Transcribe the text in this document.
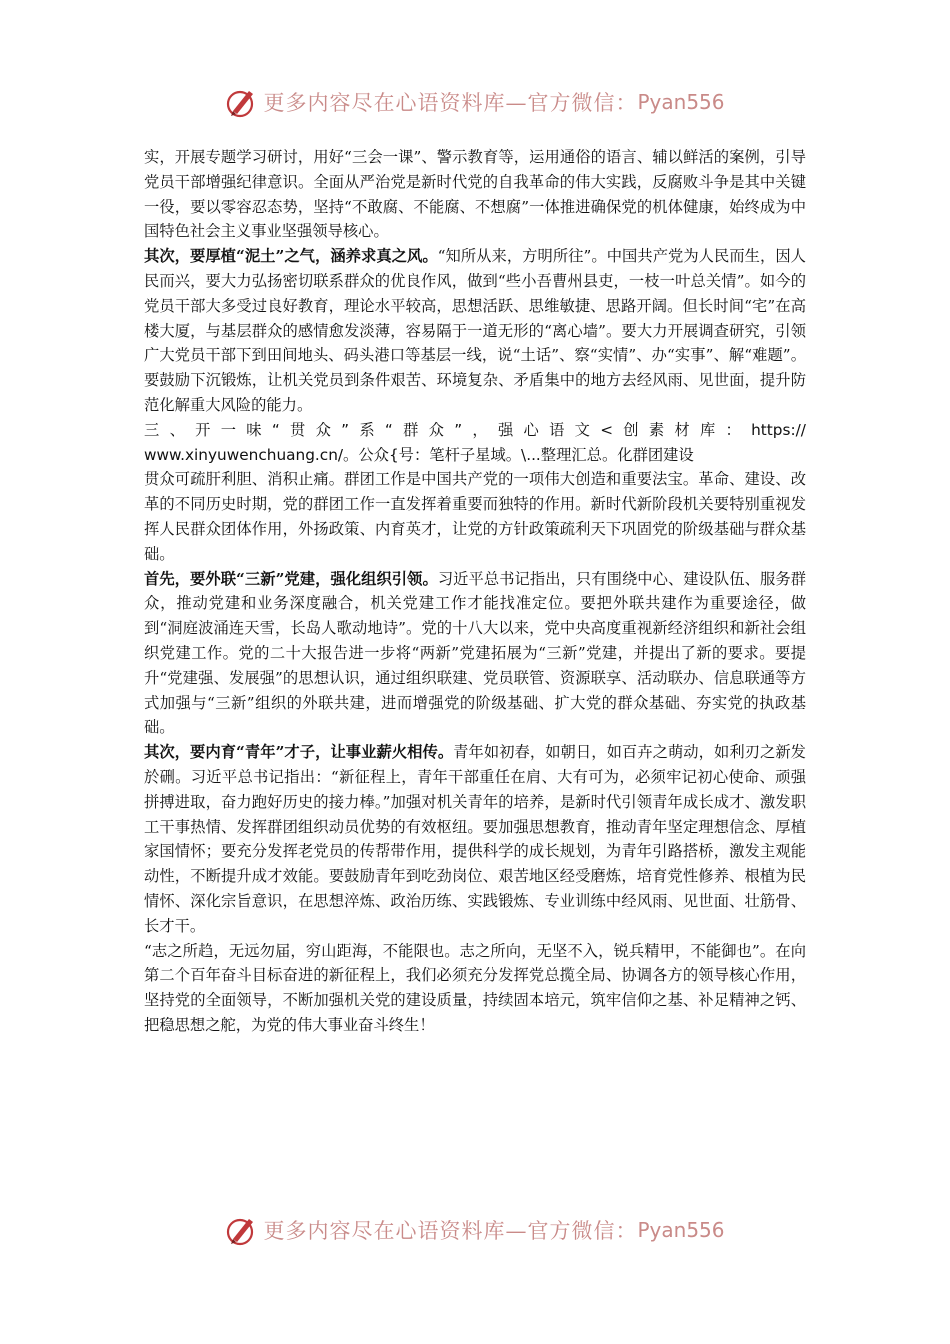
更多内容尽在心语资料库—官方微信： Pyan556

实，开展专题学习研讨，用好“三会一课”、警示教育等，运用通俗的语言、辅以鲜活的案例，引导党员干部增强纪律意识。全面从严治党是新时代党的自我革命的伟大实践，反腐败斗争是其中关键一役，要以零容忍态势，坚持“不敢腐、不能腐、不想腐”一体推进确保党的机体健康，始终成为中国特色社会主义事业坚强领导核心。

其次，要厚植“泥土”之气，涵养求真之风。“知所从来，方明所往”。中国共产党为人民而生，因人民而兴，要大力弘扬密切联系群众的优良作风，做到“些小吾曹州县吏，一枝一叶总关情”。如今的党员干部大多受过良好教育，理论水平较高，思想活跃、思维敏捷、思路开阔。但长时间“宅”在高楼大厦，与基层群众的感情愈发淡薄，容易隔于一道无形的“离心墙”。要大力开展调查研究，引领广大党员干部下到田间地头、码头港口等基层一线，说“土话”、察“实情”、办“实事”、解“难题”。要鼓励下沉锻炼，让机关党员到条件艰苦、环境复杂、矛盾集中的地方去经风雨、见世面，提升防范化解重大风险的能力。

三 、 开 一 味 “ 贯 众 ” 系 “ 群 众 ” ， 强 心 语 文 < 创 素 材 库 ： https://
www.xinyuwenchuang.cn/。公众{号：笔杆子星域。\...整理汇总。化群团建设

贯众可疏肝利胆、消积止痛。群团工作是中国共产党的一项伟大创造和重要法宝。革命、建设、改革的不同历史时期，党的群团工作一直发挥着重要而独特的作用。新时代新阶段机关要特别重视发挥人民群众团体作用，外扬政策、内育英才，让党的方针政策疏利天下巩固党的阶级基础与群众基础。

首先，要外联“三新”党建，强化组织引领。习近平总书记指出，只有围绕中心、建设队伍、服务群众，推动党建和业务深度融合，机关党建工作才能找准定位。要把外联共建作为重要途径，做到“洞庭波涌连天雪，长岛人歌动地诗”。党的十八大以来，党中央高度重视新经济组织和新社会组织党建工作。党的二十大报告进一步将“两新”党建拓展为“三新”党建，并提出了新的要求。要提升“党建强、发展强”的思想认识，通过组织联建、党员联管、资源联享、活动联办、信息联通等方式加强与“三新”组织的外联共建，进而增强党的阶级基础、扩大党的群众基础、夯实党的执政基础。

其次，要内育“青年”才子，让事业薪火相传。青年如初春，如朝日，如百卉之萌动，如利刃之新发於硎。习近平总书记指出：“新征程上，青年干部重任在肩、大有可为，必须牢记初心使命、顽强拼搏进取，奋力跑好历史的接力棒。”加强对机关青年的培养，是新时代引领青年成长成才、激发职工干事热情、发挥群团组织动员优势的有效枢纽。要加强思想教育，推动青年坚定理想信念、厚植家国情怀；要充分发挥老党员的传帮带作用，提供科学的成长规划，为青年引路搭桥，激发主观能动性，不断提升成才效能。要鼓励青年到吃劲岗位、艰苦地区经受磨炼，培育党性修养、根植为民情怀、深化宗旨意识，在思想淬炼、政治历练、实践锻炼、专业训练中经风雨、见世面、壮筋骨、长才干。

“志之所趋，无远勿届，穷山距海，不能限也。志之所向，无坚不入，锐兵精甲，不能御也”。在向第二个百年奋斗目标奋进的新征程上，我们必须充分发挥党总揽全局、协调各方的领导核心作用，坚持党的全面领导，不断加强机关党的建设质量，持续固本培元，筑牢信仰之基、补足精神之钙、把稳思想之舵，为党的伟大事业奋斗终生！

更多内容尽在心语资料库—官方微信： Pyan556
